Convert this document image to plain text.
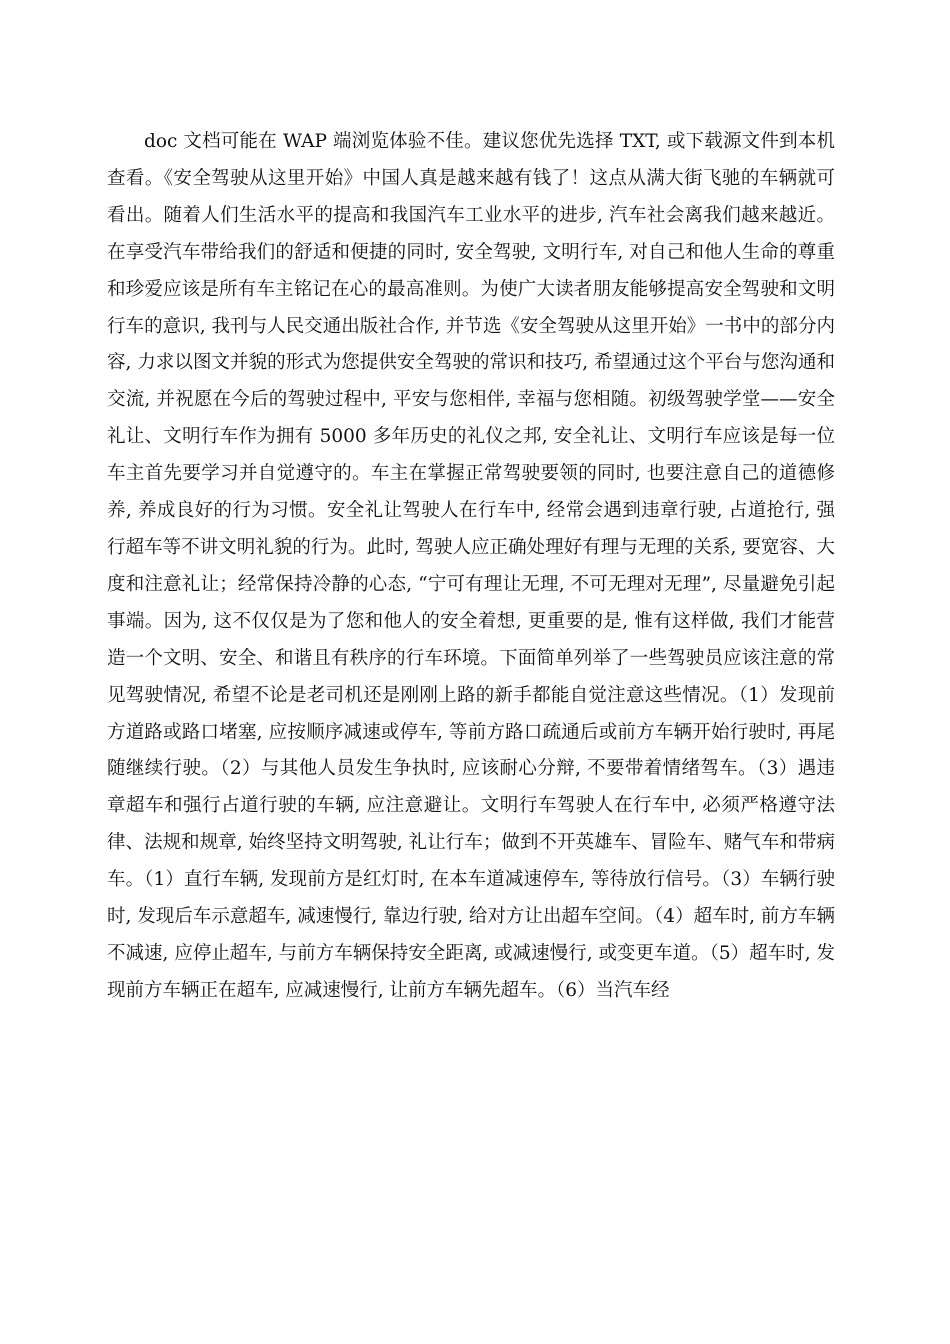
doc 文档可能在 WAP 端浏览体验不佳。建议您优先选择 TXT, 或下载源文件到本机查看。《安全驾驶从这里开始》中国人真是越来越有钱了！这点从满大街飞驰的车辆就可看出。随着人们生活水平的提高和我国汽车工业水平的进步, 汽车社会离我们越来越近。在享受汽车带给我们的舒适和便捷的同时, 安全驾驶, 文明行车, 对自己和他人生命的尊重和珍爱应该是所有车主铭记在心的最高准则。为使广大读者朋友能够提高安全驾驶和文明行车的意识, 我刊与人民交通出版社合作, 并节选《安全驾驶从这里开始》一书中的部分内容, 力求以图文并貌的形式为您提供安全驾驶的常识和技巧, 希望通过这个平台与您沟通和交流, 并祝愿在今后的驾驶过程中, 平安与您相伴, 幸福与您相随。初级驾驶学堂——安全礼让、文明行车作为拥有 5000 多年历史的礼仪之邦, 安全礼让、文明行车应该是每一位车主首先要学习并自觉遵守的。车主在掌握正常驾驶要领的同时, 也要注意自己的道德修养, 养成良好的行为习惯。安全礼让驾驶人在行车中, 经常会遇到违章行驶, 占道抢行, 强行超车等不讲文明礼貌的行为。此时, 驾驶人应正确处理好有理与无理的关系, 要宽容、大度和注意礼让；经常保持冷静的心态, “宁可有理让无理, 不可无理对无理”, 尽量避免引起事端。因为, 这不仅仅是为了您和他人的安全着想, 更重要的是, 惟有这样做, 我们才能营造一个文明、安全、和谐且有秩序的行车环境。下面简单列举了一些驾驶员应该注意的常见驾驶情况, 希望不论是老司机还是刚刚上路的新手都能自觉注意这些情况。（1）发现前方道路或路口堵塞, 应按顺序减速或停车, 等前方路口疏通后或前方车辆开始行驶时, 再尾随继续行驶。（2）与其他人员发生争执时, 应该耐心分辩, 不要带着情绪驾车。（3）遇违章超车和强行占道行驶的车辆, 应注意避让。文明行车驾驶人在行车中, 必须严格遵守法律、法规和规章, 始终坚持文明驾驶, 礼让行车；做到不开英雄车、冒险车、赌气车和带病车。（1）直行车辆, 发现前方是红灯时, 在本车道减速停车, 等待放行信号。（3）车辆行驶时, 发现后车示意超车, 减速慢行, 靠边行驶, 给对方让出超车空间。（4）超车时, 前方车辆不减速, 应停止超车, 与前方车辆保持安全距离, 或减速慢行, 或变更车道。（5）超车时, 发现前方车辆正在超车, 应减速慢行, 让前方车辆先超车。（6）当汽车经
